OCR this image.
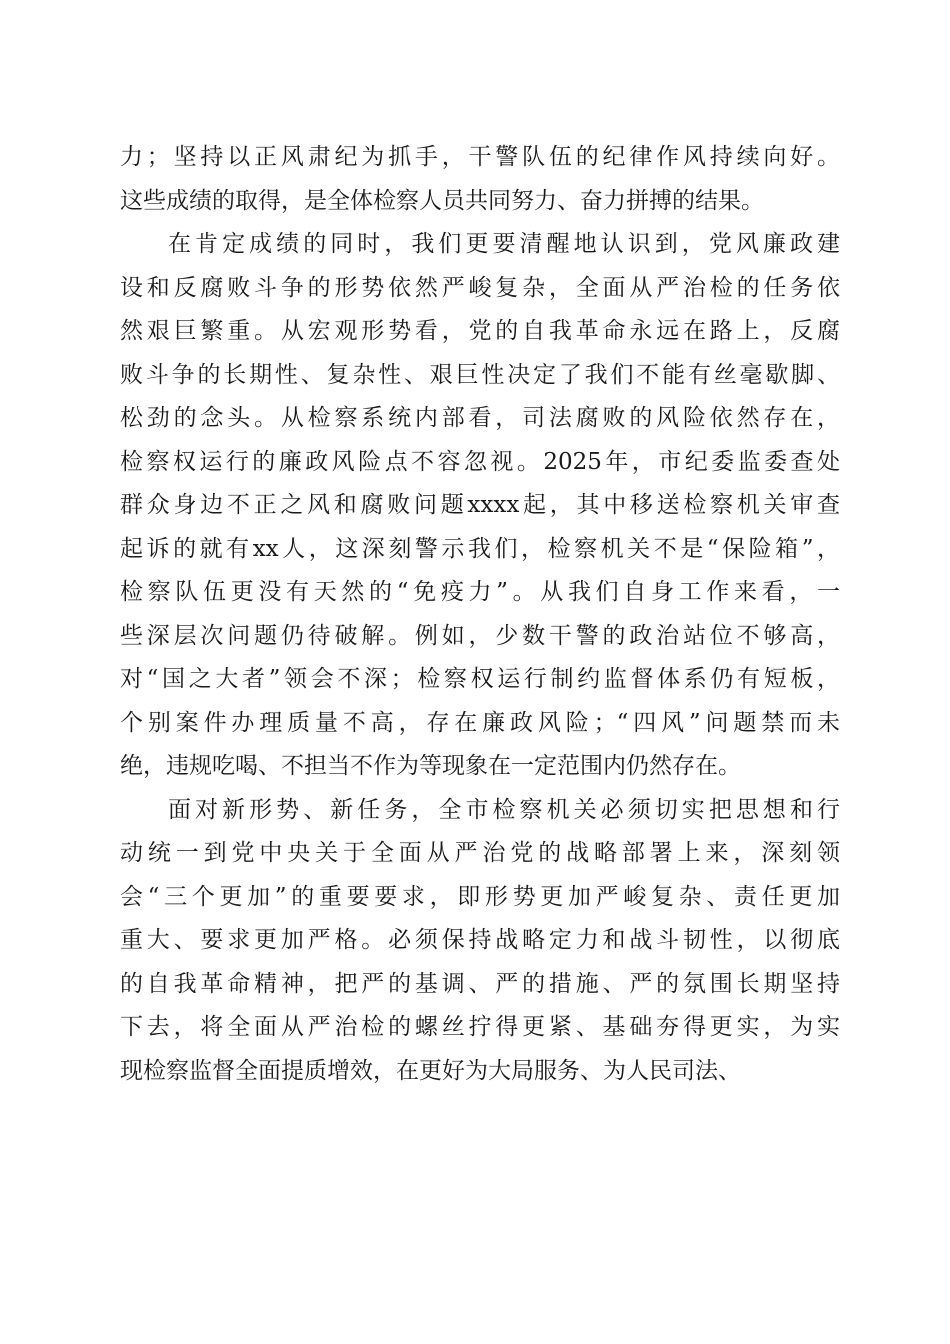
力；坚持以正风肃纪为抓手，干警队伍的纪律作风持续向好。
这些成绩的取得，是全体检察人员共同努力、奋力拼搏的结果。
在肯定成绩的同时，我们更要清醒地认识到，党风廉政建
设和反腐败斗争的形势依然严峻复杂，全面从严治检的任务依
然艰巨繁重。从宏观形势看，党的自我革命永远在路上，反腐
败斗争的长期性、复杂性、艰巨性决定了我们不能有丝毫歇脚、
松劲的念头。从检察系统内部看，司法腐败的风险依然存在，
检察权运行的廉政风险点不容忽视。2025年，市纪委监委查处
群众身边不正之风和腐败问题xxxx起，其中移送检察机关审查
起诉的就有xx人，这深刻警示我们，检察机关不是“保险箱”，
检察队伍更没有天然的“免疫力”。从我们自身工作来看，一
些深层次问题仍待破解。例如，少数干警的政治站位不够高，
对“国之大者”领会不深；检察权运行制约监督体系仍有短板，
个别案件办理质量不高，存在廉政风险；“四风”问题禁而未
绝，违规吃喝、不担当不作为等现象在一定范围内仍然存在。
面对新形势、新任务，全市检察机关必须切实把思想和行
动统一到党中央关于全面从严治党的战略部署上来，深刻领
会“三个更加”的重要要求，即形势更加严峻复杂、责任更加
重大、要求更加严格。必须保持战略定力和战斗韧性，以彻底
的自我革命精神，把严的基调、严的措施、严的氛围长期坚持
下去，将全面从严治检的螺丝拧得更紧、基础夯得更实，为实
现检察监督全面提质增效，在更好为大局服务、为人民司法、
